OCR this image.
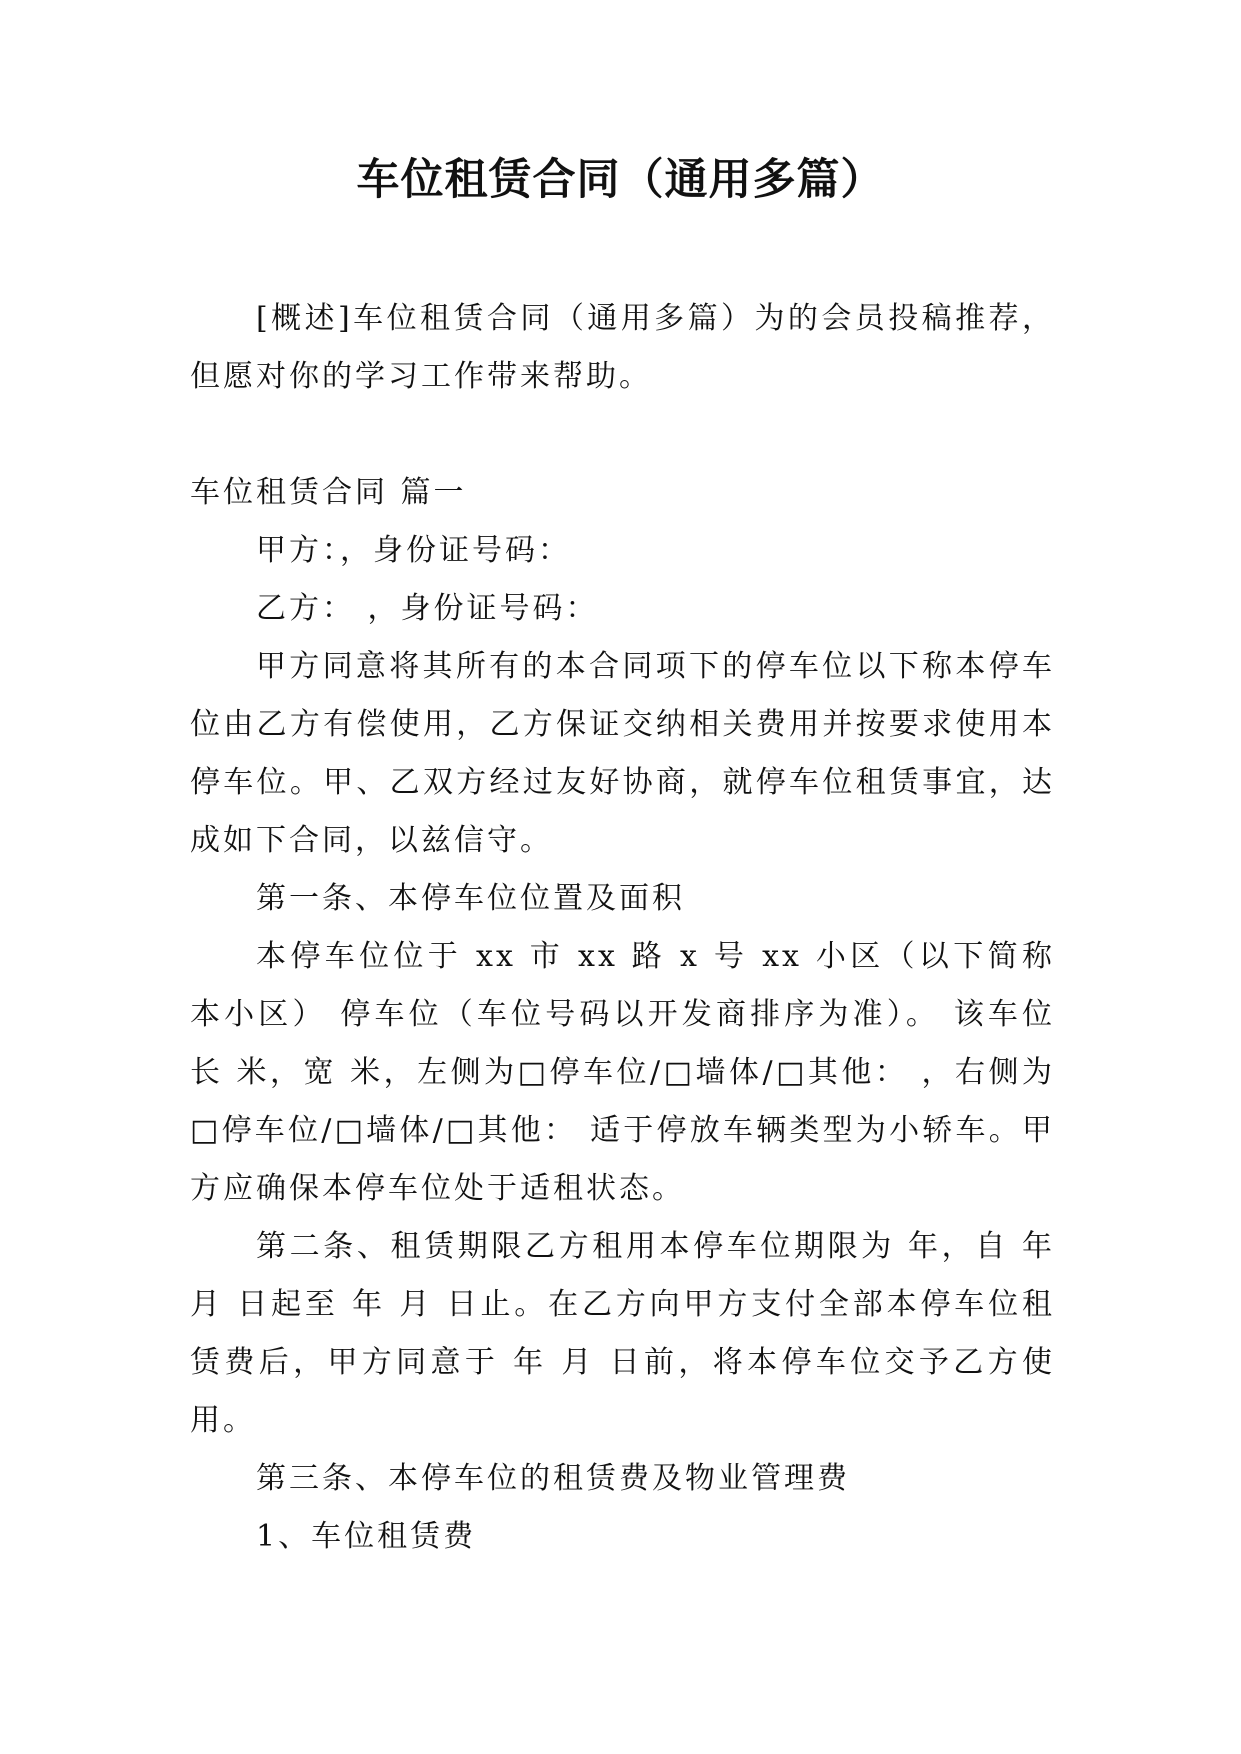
车位租赁合同（通用多篇）

[概述]车位租赁合同（通用多篇）为的会员投稿推荐，但愿对你的学习工作带来帮助。

车位租赁合同 篇一

甲方：，身份证号码：

乙方： ，身份证号码：

甲方同意将其所有的本合同项下的停车位以下称本停车位由乙方有偿使用，乙方保证交纳相关费用并按要求使用本停车位。甲、乙双方经过友好协商，就停车位租赁事宜，达成如下合同，以兹信守。

第一条、本停车位位置及面积

本停车位位于 xx 市 xx 路 x 号 xx 小区（以下简称本小区） 停车位（车位号码以开发商排序为准）。 该车位长 米，宽 米，左侧为□停车位/□墙体/□其他： ，右侧为□停车位/□墙体/□其他： 适于停放车辆类型为小轿车。甲方应确保本停车位处于适租状态。

第二条、租赁期限乙方租用本停车位期限为 年，自 年月 日起至 年 月 日止。在乙方向甲方支付全部本停车位租赁费后，甲方同意于 年 月 日前，将本停车位交予乙方使用。

第三条、本停车位的租赁费及物业管理费

1、车位租赁费
